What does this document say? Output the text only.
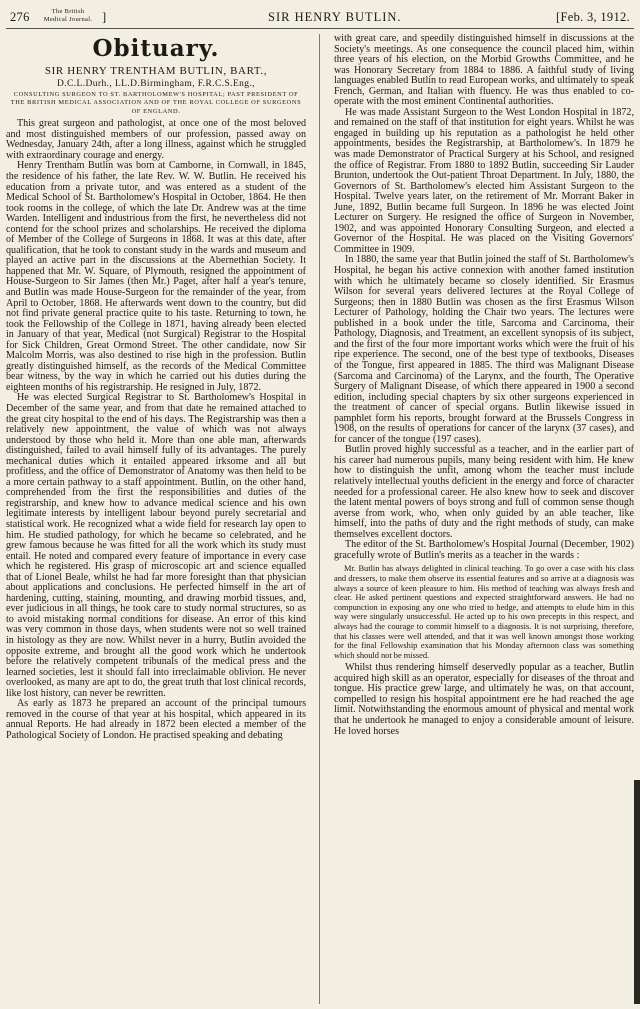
276	The British
Medical Journal. ]	SIR HENRY BUTLIN.	[Feb. 3, 1912.
Obituary.

SIR HENRY TRENTHAM BUTLIN, BART.,

D.C.L.Durh., LL.D.Birmingham, F.R.C.S.Eng.,

CONSULTING SURGEON TO ST. BARTHOLOMEW'S HOSPITAL; PAST PRESIDENT OF THE BRITISH MEDICAL ASSOCIATION AND OF THE ROYAL COLLEGE OF SURGEONS OF ENGLAND.

This great surgeon and pathologist, at once one of the most beloved and most distinguished members of our profession, passed away on Wednesday, January 24th, after a long illness, against which he struggled with extraordinary courage and energy.

Henry Trentham Butlin was born at Camborne, in Cornwall, in 1845, the residence of his father, the late Rev. W. W. Butlin. He received his education from a private tutor, and was entered as a student of the Medical School of St. Bartholomew's Hospital in October, 1864. He then took rooms in the college, of which the late Dr. Andrew was at the time Warden. Intelligent and industrious from the first, he nevertheless did not contend for the school prizes and scholarships. He received the diploma of Member of the College of Surgeons in 1868. It was at this date, after qualification, that he took to constant study in the wards and museum and played an active part in the discussions at the Abernethian Society. It happened that Mr. W. Square, of Plymouth, resigned the appointment of House-Surgeon to Sir James (then Mr.) Paget, after half a year's tenure, and Butlin was made House-Surgeon for the remainder of the year, from April to October, 1868. He afterwards went down to the country, but did not find private general practice quite to his taste. Returning to town, he took the Fellowship of the College in 1871, having already been elected in January of that year, Medical (not Surgical) Registrar to the Hospital for Sick Children, Great Ormond Street. The other candidate, now Sir Malcolm Morris, was also destined to rise high in the profession. Butlin greatly distinguished himself, as the records of the Medical Committee bear witness, by the way in which he carried out his duties during the eighteen months of his registrarship. He resigned in July, 1872.

He was elected Surgical Registrar to St. Bartholomew's Hospital in December of the same year, and from that date he remained attached to the great city hospital to the end of his days. The Registrarship was then a relatively new appointment, the value of which was not always understood by those who held it. More than one able man, afterwards distinguished, failed to avail himself fully of its advantages. The purely mechanical duties which it entailed appeared irksome and all but profitless, and the office of Demonstrator of Anatomy was then held to be a more certain pathway to a staff appointment. Butlin, on the other hand, comprehended from the first the responsibilities and duties of the registrarship, and knew how to advance medical science and his own legitimate interests by intelligent labour beyond purely secretarial and statistical work. He recognized what a wide field for research lay open to him. He studied pathology, for which he became so celebrated, and he grew famous because he was fitted for all the work which its study must entail. He noted and compared every feature of importance in every case which he registered. His grasp of microscopic art and science equalled that of Lionel Beale, whilst he had far more foresight than that physician about applications and conclusions. He perfected himself in the art of hardening, cutting, staining, mounting, and drawing morbid tissues, and, ever judicious in all things, he took care to study normal structures, so as to avoid mistaking normal conditions for disease. An error of this kind was very common in those days, when students were not so well trained in histology as they are now. Whilst never in a hurry, Butlin avoided the opposite extreme, and brought all the good work which he undertook before the relatively competent tribunals of the medical press and the learned societies, lest it should fall into irreclaimable oblivion. He never overlooked, as many are apt to do, the great truth that lost clinical records, like lost history, can never be rewritten.

As early as 1873 he prepared an account of the principal tumours removed in the course of that year at his hospital, which appeared in its annual Reports. He had already in 1872 been elected a member of the Pathological Society of London. He practised speaking and debating

with great care, and speedily distinguished himself in discussions at the Society's meetings. As one consequence the council placed him, within three years of his election, on the Morbid Growths Committee, and he was Honorary Secretary from 1884 to 1886. A faithful study of living languages enabled Butlin to read European works, and ultimately to speak French, German, and Italian with fluency. He was thus enabled to co-operate with the most eminent Continental authorities.

He was made Assistant Surgeon to the West London Hospital in 1872, and remained on the staff of that institution for eight years. Whilst he was engaged in building up his reputation as a pathologist he held other appointments, besides the Registrarship, at Bartholomew's. In 1879 he was made Demonstrator of Practical Surgery at his School, and resigned the office of Registrar. From 1880 to 1892 Butlin, succeeding Sir Lauder Brunton, undertook the Out-patient Throat Department. In July, 1880, the Governors of St. Bartholomew's elected him Assistant Surgeon to the Hospital. Twelve years later, on the retirement of Mr. Morrant Baker in June, 1892, Butlin became full Surgeon. In 1896 he was elected Joint Lecturer on Surgery. He resigned the office of Surgeon in November, 1902, and was appointed Honorary Consulting Surgeon, and elected a Governor of the Hospital. He was placed on the Visiting Governors' Committee in 1909.

In 1880, the same year that Butlin joined the staff of St. Bartholomew's Hospital, he began his active connexion with another famed institution with which he ultimately became so closely identified. Sir Erasmus Wilson for several years delivered lectures at the Royal College of Surgeons; then in 1880 Butlin was chosen as the first Erasmus Wilson Lecturer of Pathology, holding the Chair two years. The lectures were published in a book under the title, Sarcoma and Carcinoma, their Pathology, Diagnosis, and Treatment, an excellent synopsis of its subject, and the first of the four more important works which were the fruit of his ripe experience. The second, one of the best type of textbooks, Diseases of the Tongue, first appeared in 1885. The third was Malignant Disease (Sarcoma and Carcinoma) of the Larynx, and the fourth, The Operative Surgery of Malignant Disease, of which there appeared in 1900 a second edition, including special chapters by six other surgeons experienced in the treatment of cancer of special organs. Butlin likewise issued in pamphlet form his reports, brought forward at the Brussels Congress in 1908, on the results of operations for cancer of the larynx (37 cases), and for cancer of the tongue (197 cases).

Butlin proved highly successful as a teacher, and in the earlier part of his career had numerous pupils, many being resident with him. He knew how to distinguish the unfit, among whom the teacher must include relatively intellectual youths deficient in the energy and force of character needed for a professional career. He also knew how to seek and discover the latent mental powers of boys strong and full of common sense though averse from work, who, when only guided by an able teacher, like himself, into the paths of duty and the right methods of study, can make themselves excellent doctors.

The editor of the St. Bartholomew's Hospital Journal (December, 1902) gracefully wrote of Butlin's merits as a teacher in the wards :

Mr. Butlin has always delighted in clinical teaching. To go over a case with his class and dressers, to make them observe its essential features and so arrive at a diagnosis was always a source of keen pleasure to him. His method of teaching was always fresh and clear. He asked pertinent questions and expected straightforward answers. He had no compunction in exposing any one who tried to hedge, and attempts to elude him in this way were singularly unsuccessful. He acted up to his own precepts in this respect, and always had the courage to commit himself to a diagnosis. It is not surprising, therefore, that his classes were well attended, and that it was well known amongst those working for the final Fellowship examination that his Monday afternoon class was something which should not be missed.

Whilst thus rendering himself deservedly popular as a teacher, Butlin acquired high skill as an operator, especially for diseases of the throat and tongue. His practice grew large, and ultimately he was, on that account, compelled to resign his hospital appointment ere he had reached the age limit. Notwithstanding the enormous amount of physical and mental work that he undertook he managed to enjoy a considerable amount of leisure. He loved horses
